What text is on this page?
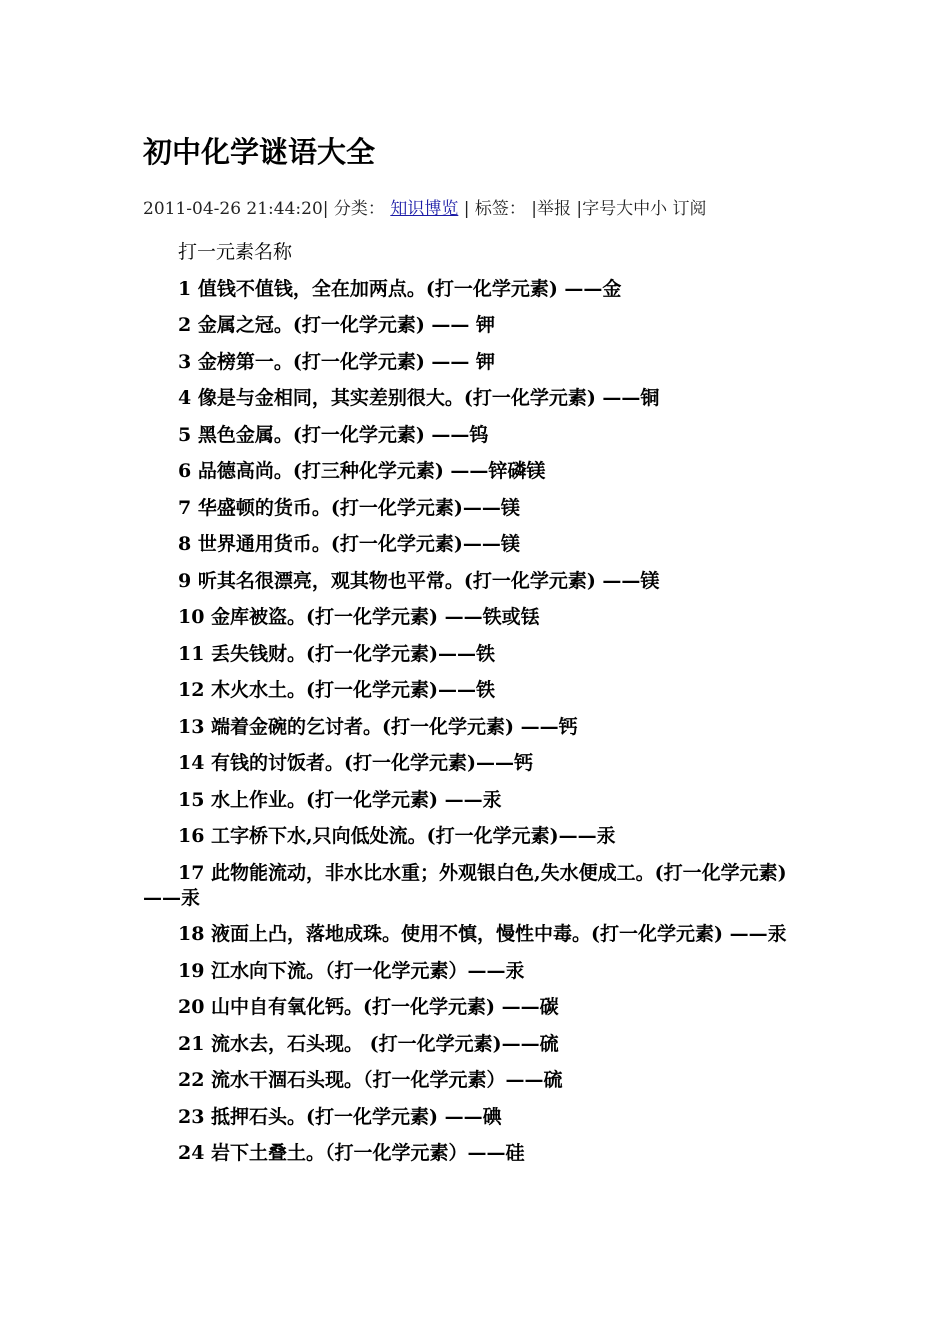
初中化学谜语大全
2011-04-26 21:44:20| 分类： 知识博览 | 标签： |举报 |字号大中小 订阅

打一元素名称

1 值钱不值钱，全在加两点。(打一化学元素) ——金

2 金属之冠。(打一化学元素) —— 钾

3 金榜第一。(打一化学元素) —— 钾

4 像是与金相同，其实差别很大。(打一化学元素) ——铜

5 黑色金属。(打一化学元素) ——钨

6 品德高尚。(打三种化学元素) ——锌磷镁

7 华盛顿的货币。(打一化学元素)——镁

8 世界通用货币。(打一化学元素)——镁

9 听其名很漂亮，观其物也平常。(打一化学元素) ——镁

10 金库被盗。(打一化学元素) ——铁或铥

11 丢失钱财。(打一化学元素)——铁

12 木火水土。(打一化学元素)——铁

13 端着金碗的乞讨者。(打一化学元素) ——钙

14 有钱的讨饭者。(打一化学元素)——钙

15 水上作业。(打一化学元素) ——汞

16 工字桥下水,只向低处流。(打一化学元素)——汞

17 此物能流动，非水比水重；外观银白色,失水便成工。(打一化学元素)——汞

18 液面上凸，落地成珠。使用不慎，慢性中毒。(打一化学元素) ——汞

19 江水向下流。（打一化学元素）——汞

20 山中自有氧化钙。(打一化学元素) ——碳

21 流水去，石头现。 (打一化学元素)——硫

22 流水干涸石头现。（打一化学元素）——硫

23 抵押石头。(打一化学元素) ——碘

24 岩下土叠土。（打一化学元素）——硅
